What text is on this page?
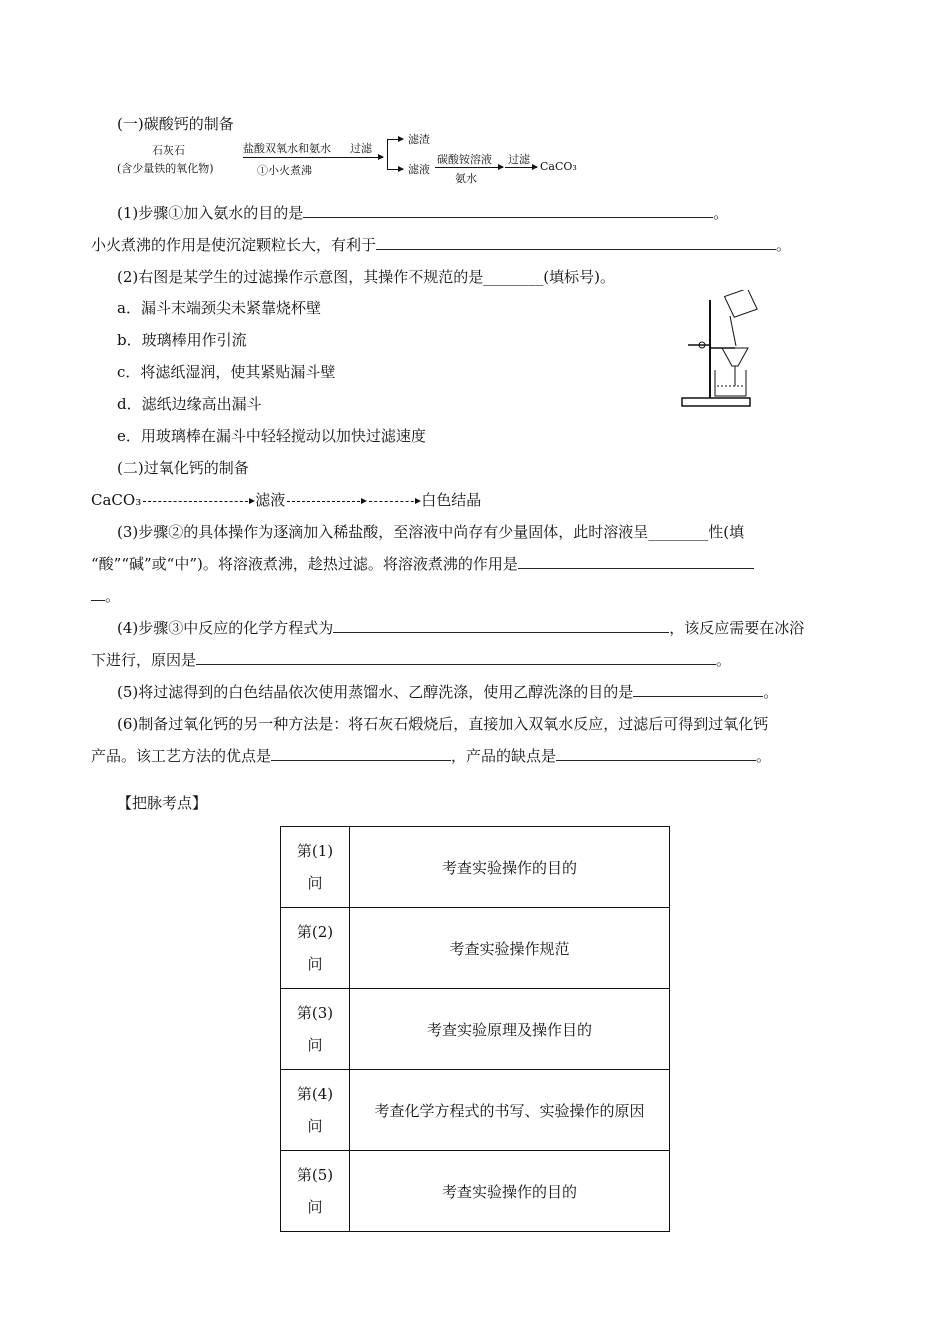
(一)碳酸钙的制备
石灰石
(含少量铁的氧化物)
盐酸双氧水和氨水 过滤
①小火煮沸
滤渣
滤液
碳酸铵溶液
氨水
过滤
CaCO₃
(1)步骤①加入氨水的目的是	。
小火煮沸的作用是使沉淀颗粒长大，有利于	。
(2)右图是某学生的过滤操作示意图，其操作不规范的是________(填标号)。
a．漏斗末端颈尖未紧靠烧杯壁
b．玻璃棒用作引流
c．将滤纸湿润，使其紧贴漏斗壁
d．滤纸边缘高出漏斗
e．用玻璃棒在漏斗中轻轻搅动以加快过滤速度
(二)过氧化钙的制备
CaCO₃	滤液	白色结晶
(3)步骤②的具体操作为逐滴加入稀盐酸，至溶液中尚存有少量固体，此时溶液呈________性(填
“酸”“碱”或“中”)。将溶液煮沸，趁热过滤。将溶液煮沸的作用是
。
(4)步骤③中反应的化学方程式为	，该反应需要在冰浴
下进行，原因是	。
(5)将过滤得到的白色结晶依次使用蒸馏水、乙醇洗涤，使用乙醇洗涤的目的是	。
(6)制备过氧化钙的另一种方法是：将石灰石煅烧后，直接加入双氧水反应，过滤后可得到过氧化钙
产品。该工艺方法的优点是	，产品的缺点是	。
【把脉考点】
第(1)
问	考查实验操作的目的
第(2)
问	考查实验操作规范
第(3)
问	考查实验原理及操作目的
第(4)
问	考查化学方程式的书写、实验操作的原因
第(5)
问	考查实验操作的目的
